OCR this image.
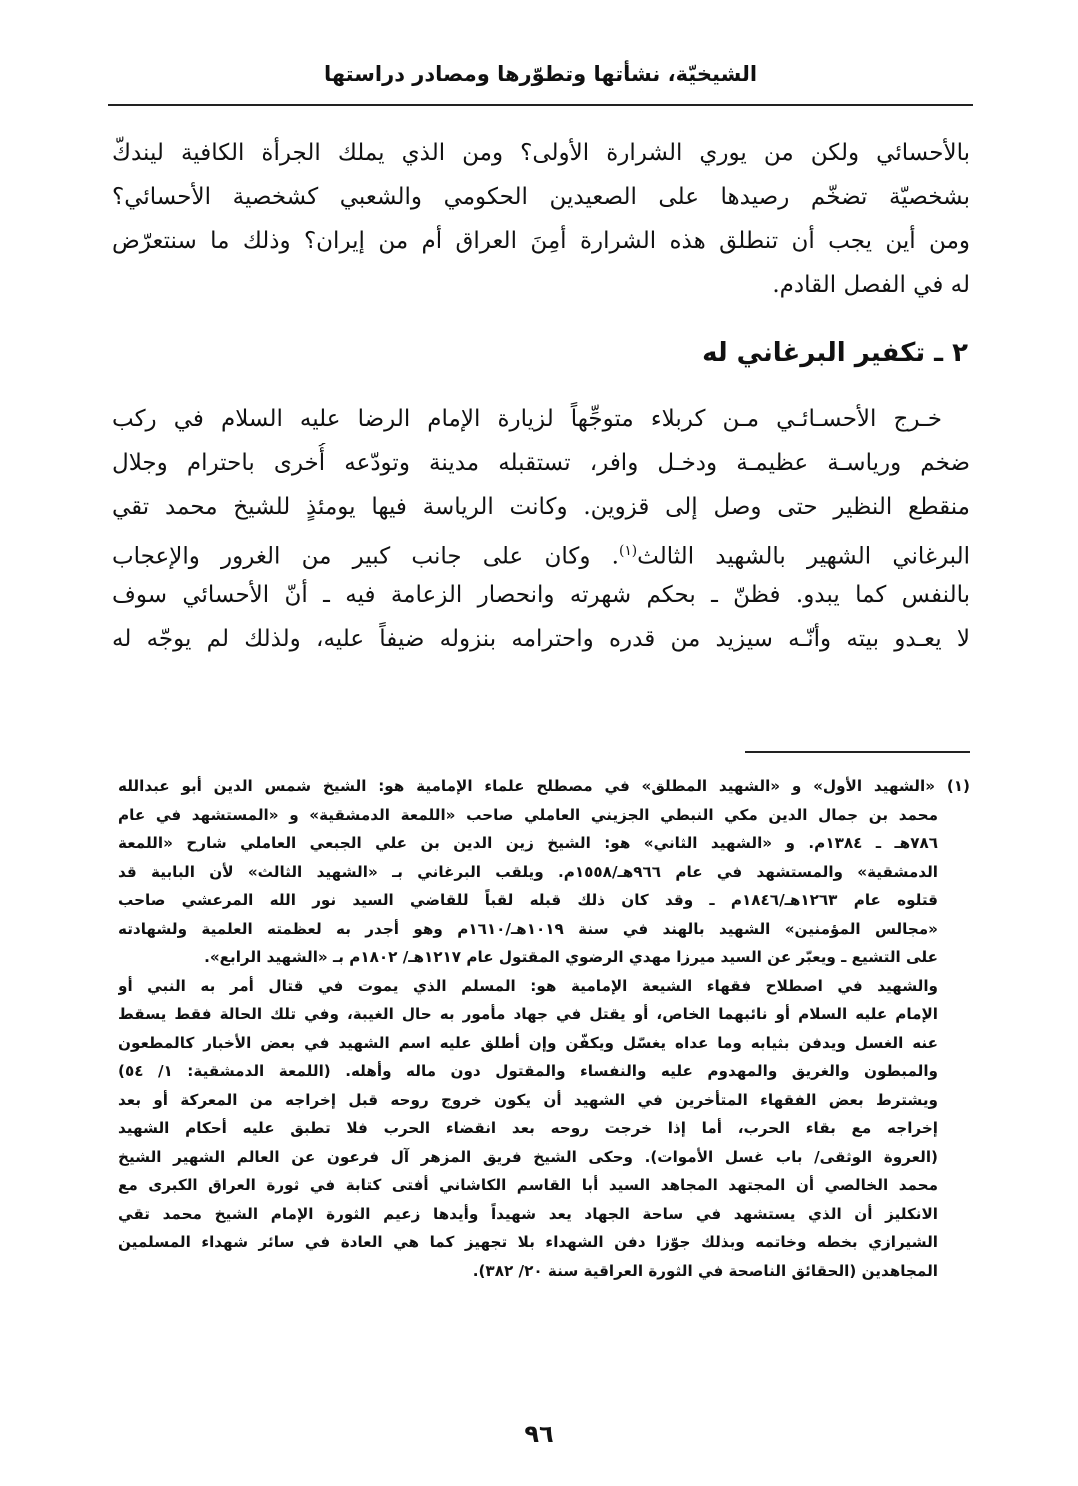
الشيخيّة، نشأتها وتطوّرها ومصادر دراستها
بالأحسائي ولكن من يوري الشرارة الأولى؟ ومن الذي يملك الجرأة الكافية ليندكّ
بشخصيّة تضخّم رصيدها على الصعيدين الحكومي والشعبي كشخصية الأحسائي؟
ومن أين يجب أن تنطلق هذه الشرارة أمِنَ العراق أم من إيران؟ وذلك ما سنتعرّض
له في الفصل القادم.
٢ ـ تكفير البرغاني له
خـرج الأحسـائـي مـن كربلاء متوجِّهاً لزيارة الإمام الرضا عليه السلام في ركب
ضخم ورياسـة عظيمـة ودخـل وافر، تستقبله مدينة وتودّعه أُخرى باحترام وجلال
منقطع النظير حتى وصل إلى قزوين. وكانت الرياسة فيها يومئذٍ للشيخ محمد تقي
البرغاني الشهير بالشهيد الثالث$^{(١)}$. وكان على جانب كبير من الغرور والإعجاب
بالنفس كما يبدو. فظنّ ـ بحكم شهرته وانحصار الزعامة فيه ـ أنّ الأحسائي سوف
لا يعـدو بيته وأنّـه سيزيد من قدره واحترامه بنزوله ضيفاً عليه، ولذلك لم يوجّه له
(١) «الشهيد الأول» و «الشهيد المطلق» في مصطلح علماء الإمامية هو: الشيخ شمس الدين أبو عبدالله
محمد بن جمال الدين مكي النبطي الجزيني العاملي صاحب «اللمعة الدمشقية» و «المستشهد في عام
٧٨٦هـ ـ ١٣٨٤م. و «الشهيد الثاني» هو: الشيخ زين الدين بن علي الجبعي العاملي شارح «اللمعة
الدمشقية» والمستشهد في عام ٩٦٦هـ/١٥٥٨م. ويلقب البرغاني بـ «الشهيد الثالث» لأن البابية قد
قتلوه عام ١٢٦٣هـ/١٨٤٦م ـ وقد كان ذلك قبله لقباً للقاضي السيد نور الله المرعشي صاحب
«مجالس المؤمنين» الشهيد بالهند في سنة ١٠١٩هـ/١٦١٠م وهو أجدر به لعظمته العلمية ولشهادته
على التشيع ـ ويعبّر عن السيد ميرزا مهدي الرضوي المقتول عام ١٢١٧هـ/ ١٨٠٢م بـ «الشهيد الرابع».
والشهيد في اصطلاح فقهاء الشيعة الإمامية هو: المسلم الذي يموت في قتال أمر به النبي أو
الإمام عليه السلام أو نائبهما الخاص، أو يقتل في جهاد مأمور به حال الغيبة، وفي تلك الحالة فقط يسقط
عنه الغسل ويدفن بثيابه وما عداه يغسّل ويكفّن وإن أطلق عليه اسم الشهيد في بعض الأخبار كالمطعون
والمبطون والغريق والمهدوم عليه والنفساء والمقتول دون ماله وأهله. (اللمعة الدمشقية: ١/ ٥٤)
ويشترط بعض الفقهاء المتأخرين في الشهيد أن يكون خروج روحه قبل إخراجه من المعركة أو بعد
إخراجه مع بقاء الحرب، أما إذا خرجت روحه بعد انقضاء الحرب فلا تطبق عليه أحكام الشهيد
(العروة الوثقى/ باب غسل الأموات). وحكى الشيخ فريق المزهر آل فرعون عن العالم الشهير الشيخ
محمد الخالصي أن المجتهد المجاهد السيد أبا القاسم الكاشاني أفتى كتابة في ثورة العراق الكبرى مع
الانكليز أن الذي يستشهد في ساحة الجهاد يعد شهيداً وأيدها زعيم الثورة الإمام الشيخ محمد تقي
الشيرازي بخطه وخاتمه وبذلك جوّزا دفن الشهداء بلا تجهيز كما هي العادة في سائر شهداء المسلمين
المجاهدين (الحقائق الناصحة في الثورة العراقية سنة ٢٠/ ٣٨٢).
٩٦
